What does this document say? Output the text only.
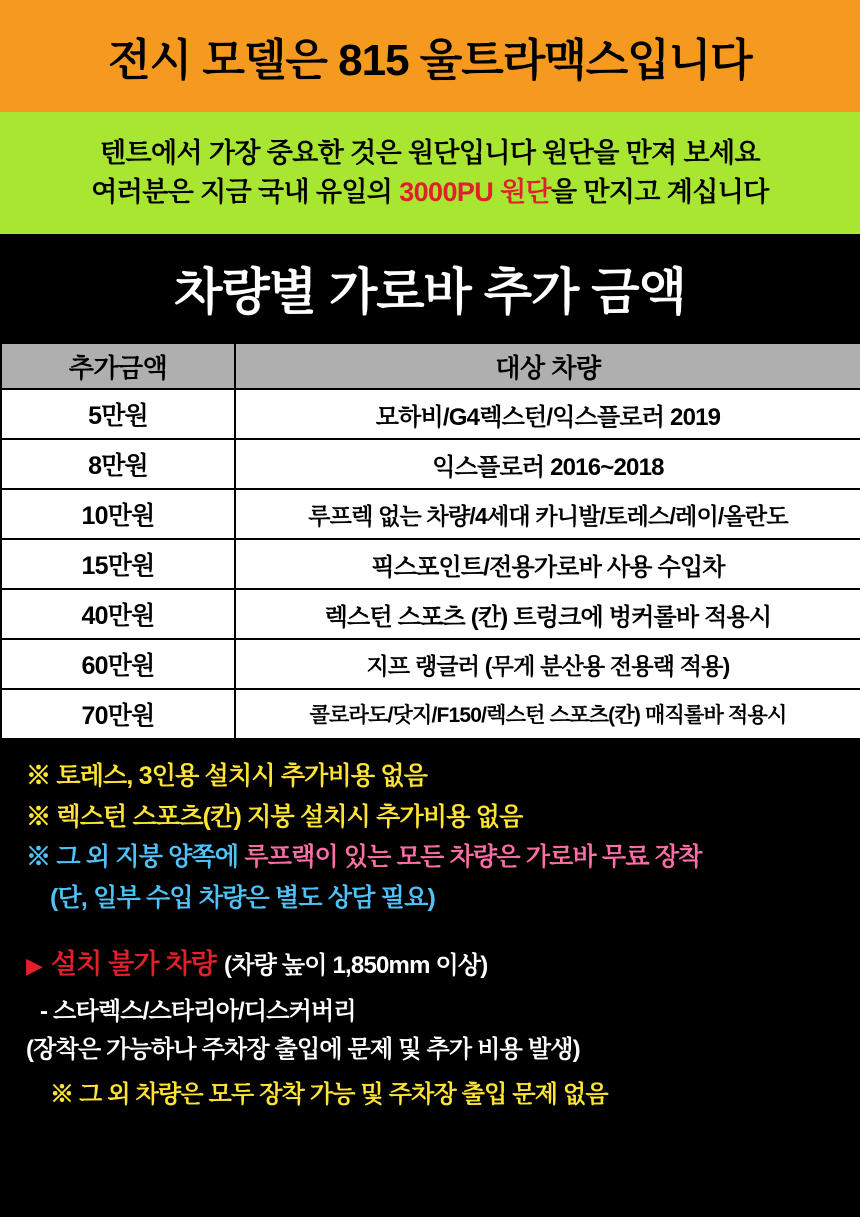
전시 모델은 815 울트라맥스입니다
텐트에서 가장 중요한 것은 원단입니다 원단을 만져 보세요
여러분은 지금 국내 유일의 3000PU 원단을 만지고 계십니다
차량별 가로바 추가 금액
추가금액	대상 차량
5만원	모하비/G4렉스턴/익스플로러 2019
8만원	익스플로러 2016~2018
10만원	루프렉 없는 차량/4세대 카니발/토레스/레이/올란도
15만원	픽스포인트/전용가로바 사용 수입차
40만원	렉스턴 스포츠 (칸) 트렁크에 벙커롤바 적용시
60만원	지프 랭글러 (무게 분산용 전용랙 적용)
70만원	콜로라도/닷지/F150/렉스턴 스포츠(칸) 매직롤바 적용시
※ 토레스, 3인용 설치시 추가비용 없음
※ 렉스턴 스포츠(칸) 지붕 설치시 추가비용 없음
※ 그 외 지붕 양쪽에 루프랙이 있는 모든 차량은 가로바 무료 장착
(단, 일부 수입 차량은 별도 상담 필요)
▶ 설치 불가 차량 (차량 높이 1,850mm 이상)
- 스타렉스/스타리아/디스커버리
(장착은 가능하나 주차장 출입에 문제 및 추가 비용 발생)
※ 그 외 차량은 모두 장착 가능 및 주차장 출입 문제 없음
